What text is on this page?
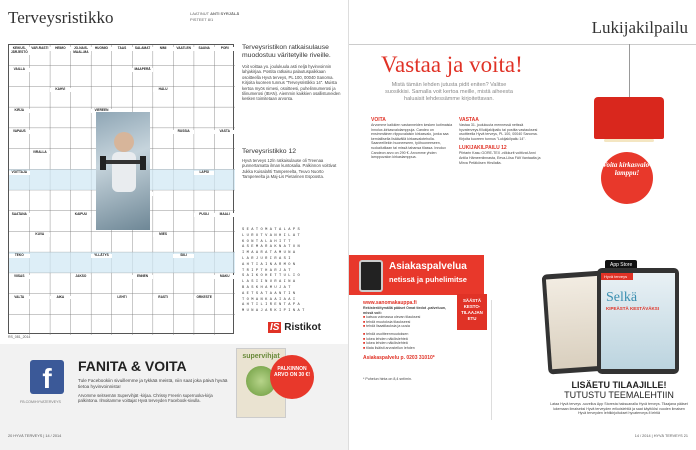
Terveysristikko	LAATINUT ANTI SYRJÄLÄ
PISTEET 8/1
KEIKUS-JÄRJESTÖ
VAR-RASTI	HEIMO	JO-NAIS-MAAL-MA
HUOMIO	TAAS	SALAMAT	NIMI	VAATI-EN	SAUNA	PORI
VAILLA
KAHVI
MAAPERÄ
KIRJA	VIEREEN
HALU
VAPAUS	RUSSIA	VASTA
VOITTAJA
VIRALLA
LAPSI
SAATANA	KAIPUU
MIES
KUVA
PUOLI
TEKO	YLLÄTYS
ENNEN
SIILI
MAKU
VIISAS
AIKA	LEHTI	RASTI	ORKESTE
VALTA
JAKSO
MAALI
Terveysristikon ratkaisulause
muodostuu väritetyille riveille.
Voit voittaa yo. joulukuula asti neljä hyvinvoinnin lahjakirjaa. Postita ratkaisu palautuspaikkaan osoitteella Hyvä terveys, PL 100, 00040 Sanoma. Kirjoita kuoreen tunnus "Terveysristikko 14". Muista kertoa myös nimesi, osoitteesi, puhelinnumerosi ja tilinumerosi (IBAN). Aiemmin kaikkien osallistuneiden kesken toimitetaan arvonta.
Terveysristikko 12
Hyvä terveys 12/n ratkaisulause oli Treenaa punnertamatta ilman kuntosalia. Palkinnon voittivat Jukka Kuisalahti Tampereelta, Teuvo Nuorto Tampereelta ja Maj-Lis Pietarinen Espoosta.
S E A T O M A T A L A P S
L U R U T V A N H I L A T
K O N T A L A H I T T
A S E M A R A K N A T U N
I M A A R A T A M U N A
L A R J U R I R A S I
A H T I A I N A R M O N
T R I P T H A R J A T
S A I K O H E T T U L I O
L A S I I N U R A I N A
B A S K H A M U J A T
A E T S A T A A N T I N
T O M A N K A A I A A I
A H T I L I R E N T A P A
M U N A J A R K I P I N A T
RS_081_2014
IS Ristikot
f
FB.COM/HYVATERVEYS
FANITA & VOITA
Tule Facebookiin sivuillemme ja tykkää meistä, niin saat joka päivä hyvää tietoa hyvinvoinnista!
Arvomme seitsemän Supervihjät -kirjaa. Chrissy Freerin superruoka-kirja palkintona. Ilmoitamme voittajat Hyvä terveyden Facebook-sivulla.
supervihjat
PALKINNON ARVO ON 30 €!
20 HYVÄ TERVEYS | 14 / 2014
Lukijakilpailu
Vastaa ja voita!
Mistä tämän lehden jutusta pidit eniten? Valitse suosikkisi. Samalla voit kertoa meille, mistä aiheesta haluaisit lehdessämme kirjoitettavan.
VOITA
Arvomme kaikkien vastanneiden kesken kotimaisia Innolux-kirkasvalolamppuja. Candeo on ensimmäinen riippuvalaisin kirkasvalo, jonka saa kemiallisella lisäävällä kirkasvaloteholla. Saaneeillekin huoneeseen, työhuoneeseen, ruokailutilaan tai missä tahansa tilassa. Innolux Candeon arvo on 290 €. Arvomme yhden lamppuvalon kirkaslamppua.
VASTAA
Vastaa 31. joulukuuta mennessä netissä hyvaterveys.fi/lukijakilpailu tai postita vastauksesi osoitteella Hyvä terveys, PL 100, 00040 Sanoma. Kirjoita kuoreen tunnus "Lukijakilpailu 14".
LUKIJAKILPAILU 12
Piirtarin Kasu GORE-TEX -nilkkurit voittivat Anni Antila Hämeenlinnasta, Eeva-Liisa Fält Vantaalta ja Mirva Petäkösen Hirsilalta.	Voita kirkasvalo-lamppu!
Asiakaspalvelua
netissä ja puhelimitse
www.sanomakauppa.fi
Rekisteröitymällä pääset Omat tiedot -palveluun, missä voit:
■ katsoa voimassa olevan tilauksesi
■ tehdä muutoksia tilaukseesi
■ tehdä lisaatilauksia ja uusia
■ tehdä osoitteenmuutoksen
■ lukea lehden näköislehteä
■ lukea lehden näköislehteä
■ tilata lisäisti arvostellun lehden
Asiakaspalvelu p. 0203 31010*
* Puhelun hinta on 8,4 snt/min.
SÄÄSTÄ KESTO-TILAAJAN ETU
App Store
Hyvä terveys
Selkä
KIPEÄSTÄ KESTÄVÄKSI
LISÄETU TILAAJILLE!
TUTUSTU TEEMALEHTIIN
Lataa Hyvä terveys -sovellus App Storesta haksuanalla Hyvä terveys. Tilaajana pääset lukemaan ilmaiseksi Hyvä terveyden erikoislehtiä ja saat käyttöösi vuoden ilmaisen Hyvä terveyden lehtikirjoitukset hyvaterveys.fi lehtiä
14 / 2014 | HYVÄ TERVEYS 21
